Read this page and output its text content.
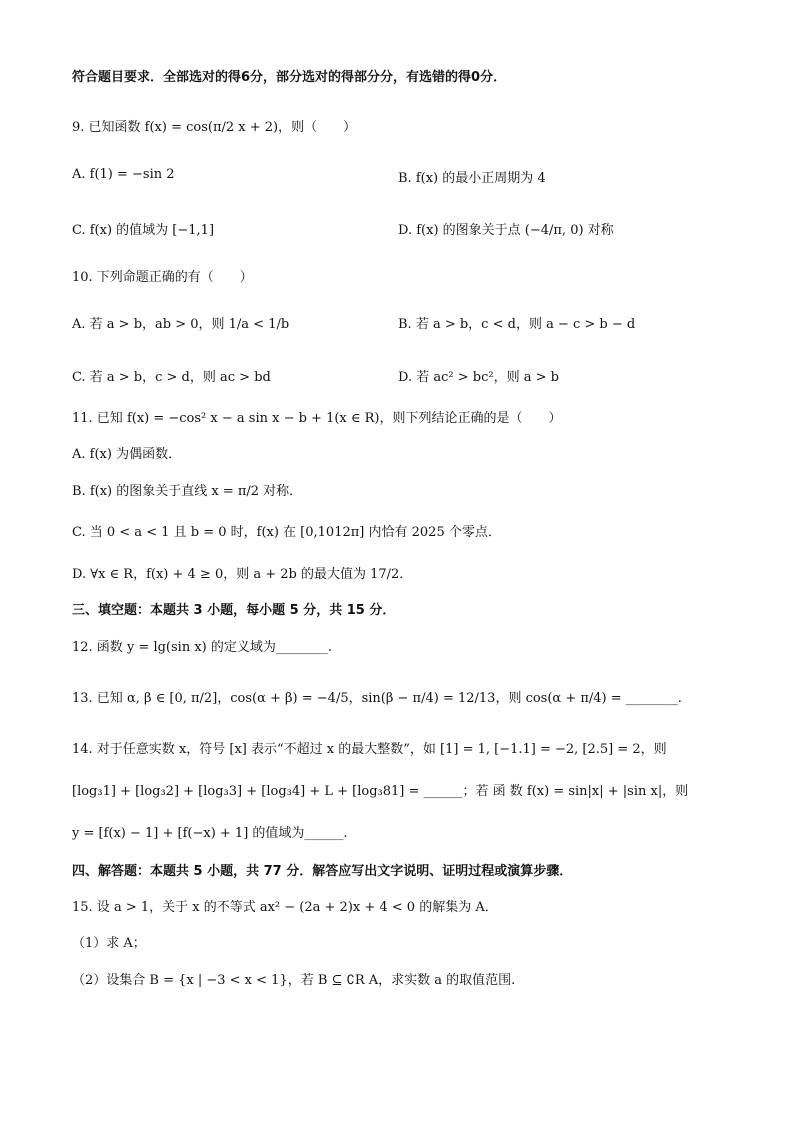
符合题目要求．全部选对的得6分，部分选对的得部分分，有选错的得0分．
9. 已知函数 f(x) = cos(π/2 x + 2)，则（　　）
A. f(1) = −sin 2	B. f(x) 的最小正周期为 4
C. f(x) 的值域为 [−1,1]	D. f(x) 的图象关于点 (−4/π, 0) 对称
10. 下列命题正确的有（　　）
A. 若 a > b，ab > 0，则 1/a < 1/b	B. 若 a > b，c < d，则 a − c > b − d
C. 若 a > b，c > d，则 ac > bd	D. 若 ac² > bc²，则 a > b
11. 已知 f(x) = −cos² x − a sin x − b + 1(x ∈ R)，则下列结论正确的是（　　）
A. f(x) 为偶函数．
B. f(x) 的图象关于直线 x = π/2 对称．
C. 当 0 < a < 1 且 b = 0 时，f(x) 在 [0,1012π] 内恰有 2025 个零点．
D. ∀x ∈ R，f(x) + 4 ≥ 0，则 a + 2b 的最大值为 17/2．
三、填空题：本题共 3 小题，每小题 5 分，共 15 分．
12. 函数 y = lg(sin x) 的定义域为________.
13. 已知 α, β ∈ [0, π/2]，cos(α + β) = −4/5，sin(β − π/4) = 12/13，则 cos(α + π/4) = ________.
14. 对于任意实数 x，符号 [x] 表示“不超过 x 的最大整数”，如 [1] = 1, [−1.1] = −2, [2.5] = 2，则
[log₃1] + [log₃2] + [log₃3] + [log₃4] + L + [log₃81] = ______；若 函 数 f(x) = sin|x| + |sin x|，则
y = [f(x) − 1] + [f(−x) + 1] 的值域为______.
四、解答题：本题共 5 小题，共 77 分．解答应写出文字说明、证明过程或演算步骤．
15. 设 a > 1，关于 x 的不等式 ax² − (2a + 2)x + 4 < 0 的解集为 A．
（1）求 A；
（2）设集合 B = {x | −3 < x < 1}，若 B ⊆ ∁R A，求实数 a 的取值范围.
